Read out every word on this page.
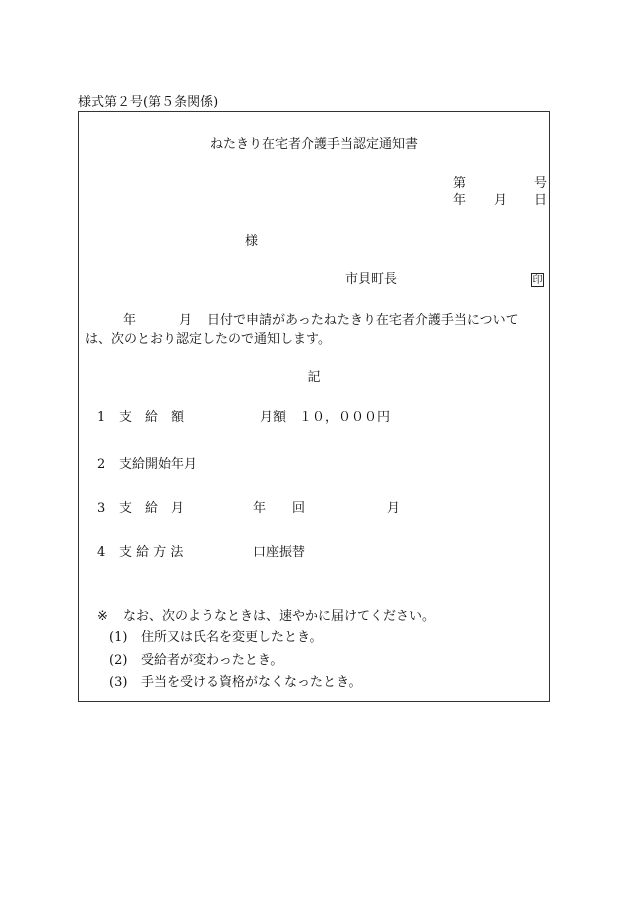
様式第２号(第５条関係)
ねたきり在宅者介護手当認定通知書
第	号
年 月 日
様
市貝町長	印
年	月 日付で申請があったねたきり在宅者介護手当について
は、次のとおり認定したので通知します。
記
1 支　給　額	月額　１０，０００円
2 支給開始年月
3 支　給　月	年 回	月
4 支 給 方 法	口座振替
※ なお、次のようなときは、速やかに届けてください。
(1) 住所又は氏名を変更したとき。
(2) 受給者が変わったとき。
(3) 手当を受ける資格がなくなったとき。
